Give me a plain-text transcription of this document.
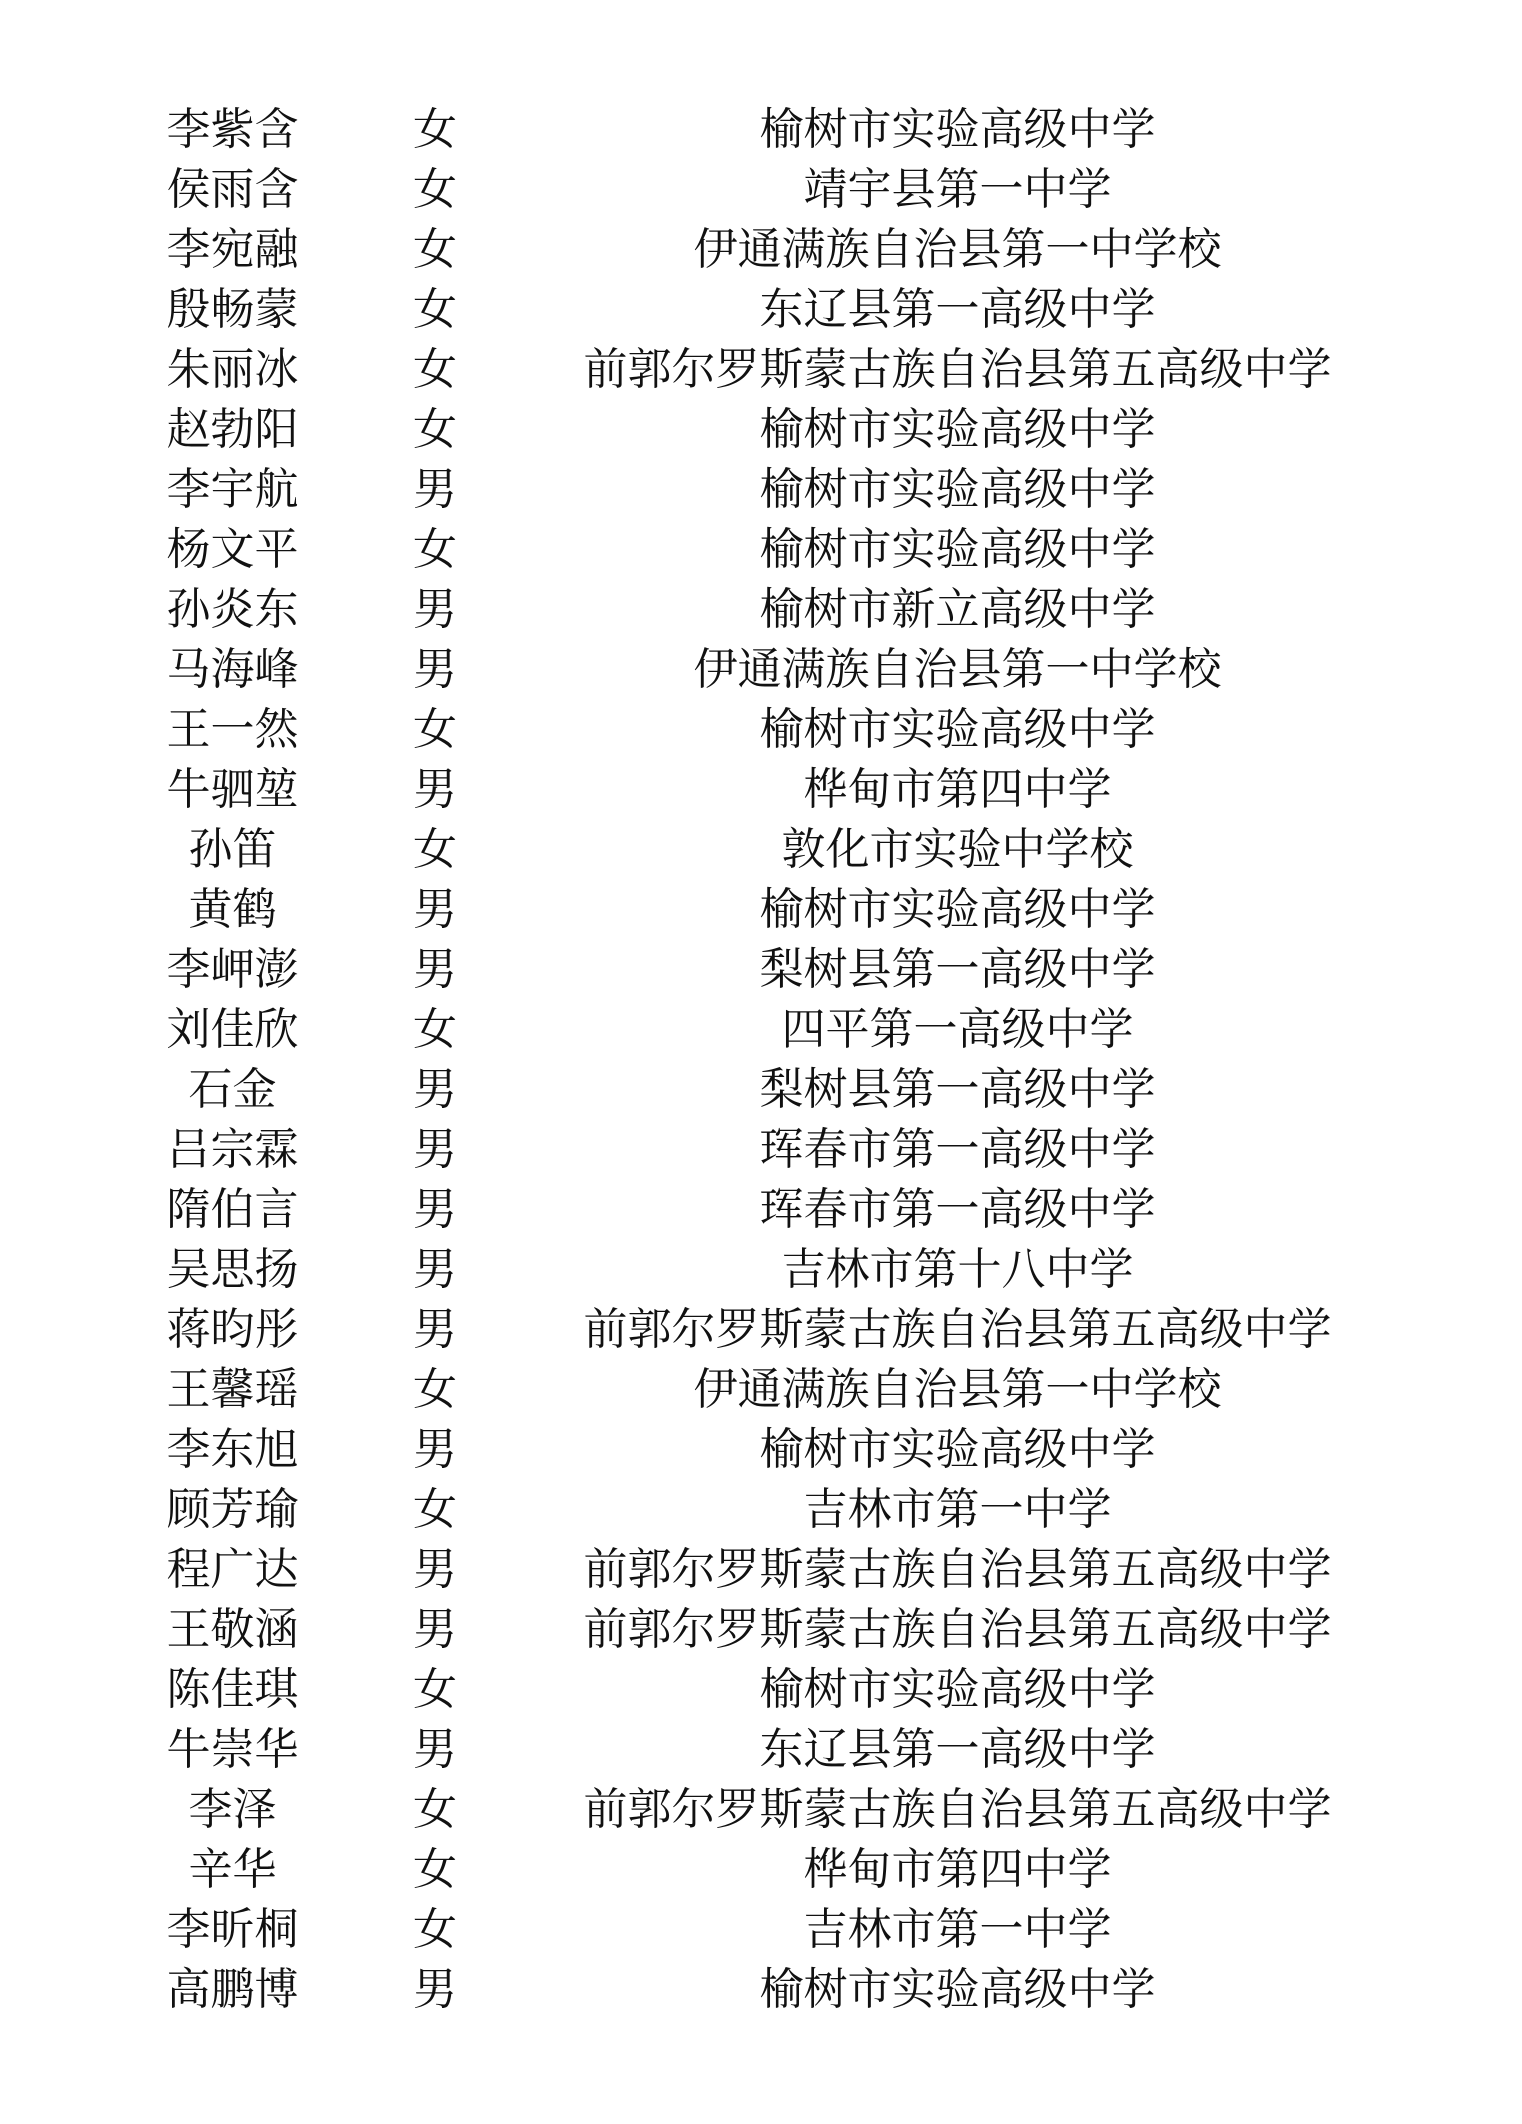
李紫含	女	榆树市实验高级中学
侯雨含	女	靖宇县第一中学
李宛融	女	伊通满族自治县第一中学校
殷畅蒙	女	东辽县第一高级中学
朱丽冰	女	前郭尔罗斯蒙古族自治县第五高级中学
赵勃阳	女	榆树市实验高级中学
李宇航	男	榆树市实验高级中学
杨文平	女	榆树市实验高级中学
孙炎东	男	榆树市新立高级中学
马海峰	男	伊通满族自治县第一中学校
王一然	女	榆树市实验高级中学
牛驷堃	男	桦甸市第四中学
孙笛	女	敦化市实验中学校
黄鹤	男	榆树市实验高级中学
李岬澎	男	梨树县第一高级中学
刘佳欣	女	四平第一高级中学
石金	男	梨树县第一高级中学
吕宗霖	男	珲春市第一高级中学
隋伯言	男	珲春市第一高级中学
吴思扬	男	吉林市第十八中学
蒋昀彤	男	前郭尔罗斯蒙古族自治县第五高级中学
王馨瑶	女	伊通满族自治县第一中学校
李东旭	男	榆树市实验高级中学
顾芳瑜	女	吉林市第一中学
程广达	男	前郭尔罗斯蒙古族自治县第五高级中学
王敬涵	男	前郭尔罗斯蒙古族自治县第五高级中学
陈佳琪	女	榆树市实验高级中学
牛崇华	男	东辽县第一高级中学
李泽	女	前郭尔罗斯蒙古族自治县第五高级中学
辛华	女	桦甸市第四中学
李昕桐	女	吉林市第一中学
高鹏博	男	榆树市实验高级中学
